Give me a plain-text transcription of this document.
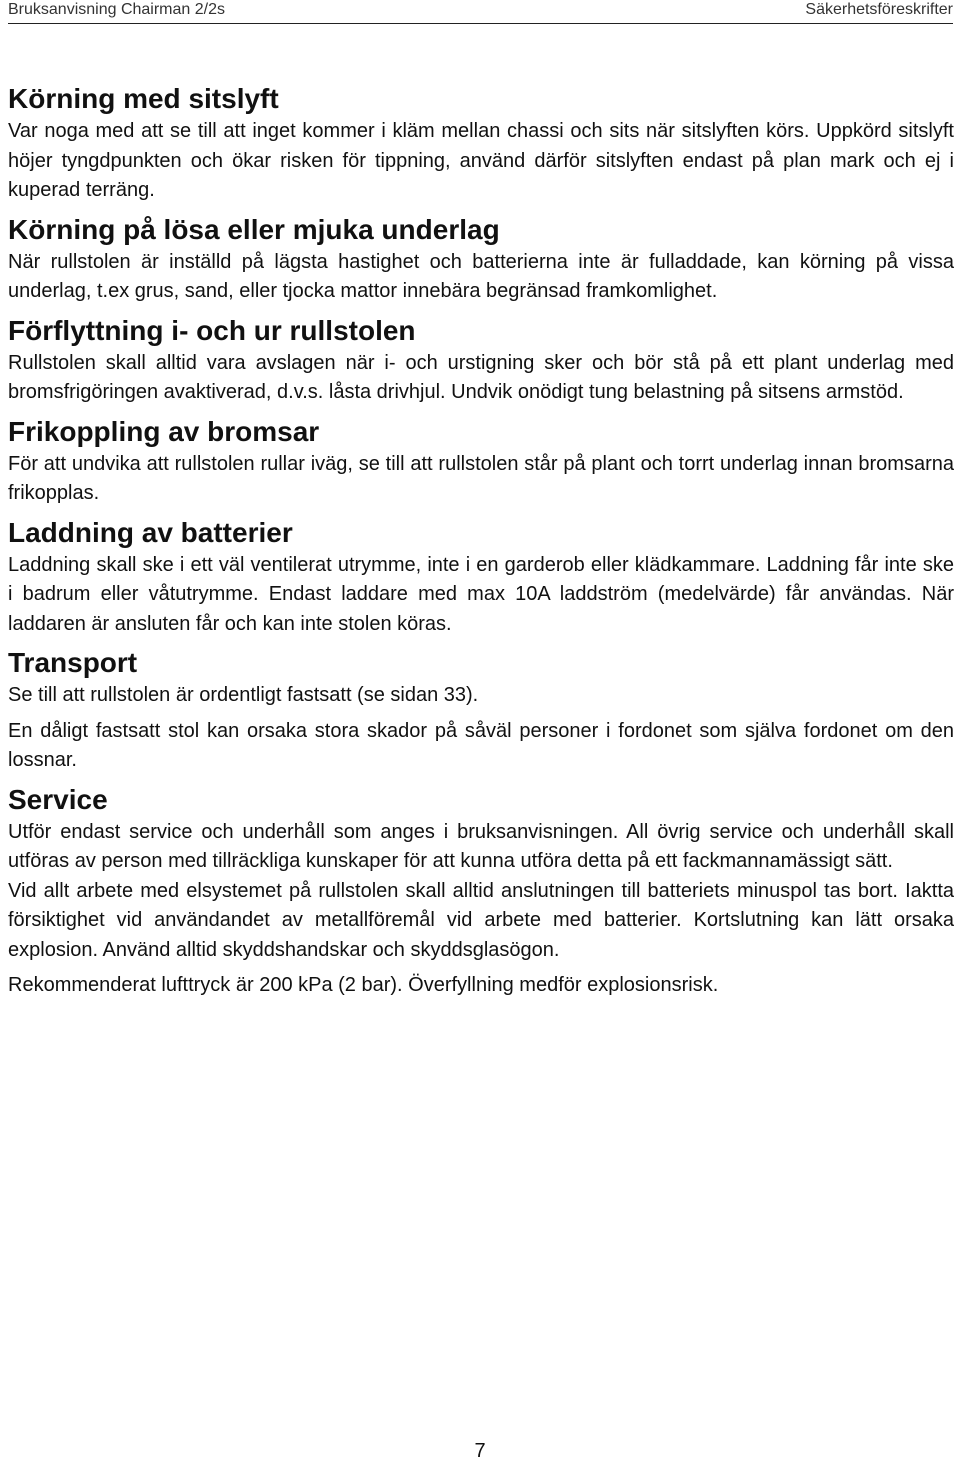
Bruksanvisning Chairman 2/2s	Säkerhetsföreskrifter
Körning med sitslyft

Var noga med att se till att inget kommer i kläm mellan chassi och sits när sitslyften körs. Uppkörd sitslyft höjer tyngdpunkten och ökar risken för tippning, använd därför sitslyften endast på plan mark och ej i kuperad terräng.

Körning på lösa eller mjuka underlag

När rullstolen är inställd på lägsta hastighet och batterierna inte är fulladdade, kan körning på vissa underlag, t.ex grus, sand, eller tjocka mattor innebära begränsad framkomlighet.

Förflyttning i- och ur rullstolen

Rullstolen skall alltid vara avslagen när i- och urstigning sker och bör stå på ett plant underlag med bromsfrigöringen avaktiverad, d.v.s. låsta drivhjul. Undvik onödigt tung belastning på sitsens armstöd.

Frikoppling av bromsar

För att undvika att rullstolen rullar iväg, se till att rullstolen står på plant och torrt underlag innan bromsarna frikopplas.

Laddning av batterier

Laddning skall ske i ett väl ventilerat utrymme, inte i en garderob eller klädkammare. Laddning får inte ske i badrum eller våtutrymme. Endast laddare med max 10A laddström (medelvärde) får användas. När laddaren är ansluten får och kan inte stolen köras.

Transport

Se till att rullstolen är ordentligt fastsatt (se sidan 33).

En dåligt fastsatt stol kan orsaka stora skador på såväl personer i fordonet som själva fordonet om den lossnar.

Service

Utför endast service och underhåll som anges i bruksanvisningen. All övrig service och underhåll skall utföras av person med tillräckliga kunskaper för att kunna utföra detta på ett fackmannamässigt sätt.

Vid allt arbete med elsystemet på rullstolen skall alltid anslutningen till batteriets minuspol tas bort. Iaktta försiktighet vid användandet av metallföremål vid arbete med batterier. Kortslutning kan lätt orsaka explosion. Använd alltid skyddshandskar och skyddsglasögon.

Rekommenderat lufttryck är 200 kPa (2 bar). Överfyllning medför explosionsrisk.

7
